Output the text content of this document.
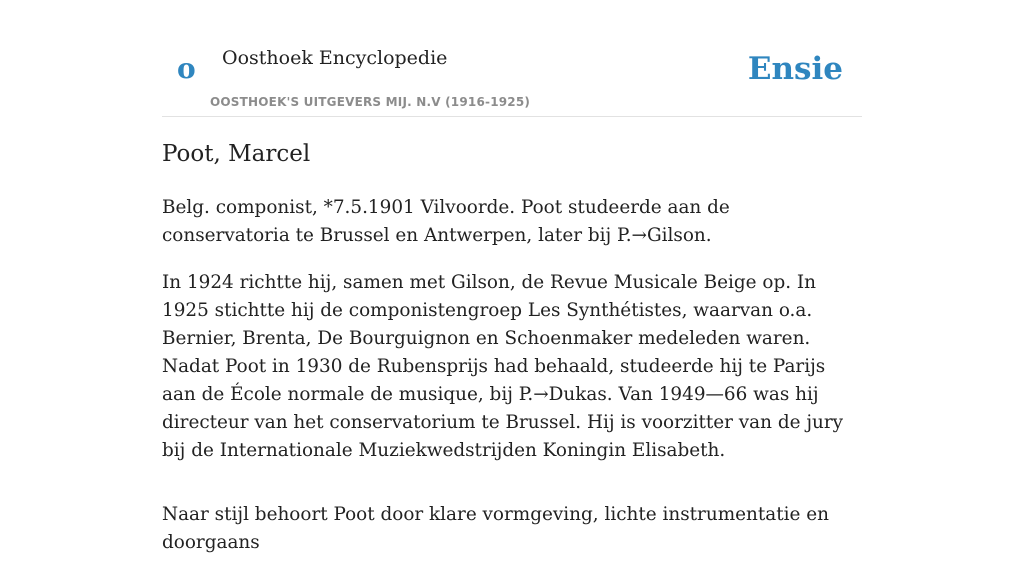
o Oosthoek Encyclopedie
OOSTHOEK'S UITGEVERS MIJ. N.V (1916-1925)
Ensie
Poot, Marcel

Belg. componist, *7.5.1901 Vilvoorde. Poot studeerde aan de conservatoria te Brussel en Antwerpen, later bij P.→Gilson.

In 1924 richtte hij, samen met Gilson, de Revue Musicale Beige op. In 1925 stichtte hij de componistengroep Les Synthétistes, waarvan o.a. Bernier, Brenta, De Bourguignon en Schoenmaker medeleden waren. Nadat Poot in 1930 de Rubensprijs had behaald, studeerde hij te Parijs aan de École normale de musique, bij P.→Dukas. Van 1949—66 was hij directeur van het conservatorium te Brussel. Hij is voorzitter van de jury bij de Internationale Muziekwedstrijden Koningin Elisabeth.

Naar stijl behoort Poot door klare vormgeving, lichte instrumentatie en doorgaans
